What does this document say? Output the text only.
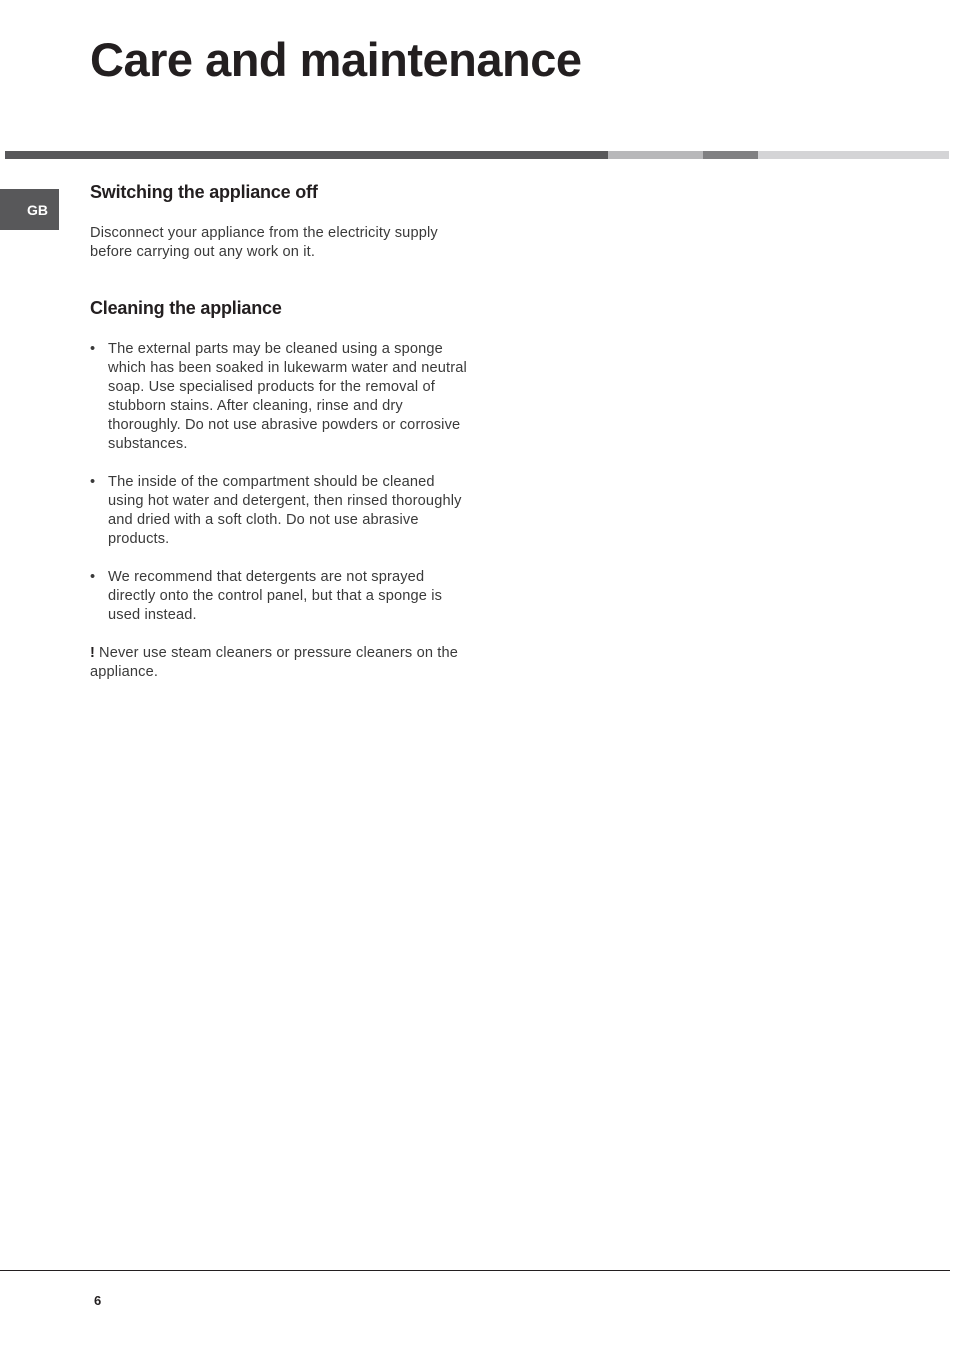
Care and maintenance
GB
Switching the appliance off
Disconnect your appliance from the electricity supply before carrying out any work on it.
Cleaning the appliance
• The external parts may be cleaned using a sponge which has been soaked in lukewarm water and neutral soap. Use specialised products for the removal of stubborn stains. After cleaning, rinse and dry thoroughly. Do not use abrasive powders or corrosive substances.
• The inside of the compartment should be cleaned using hot water and detergent, then rinsed thoroughly and dried with a soft cloth. Do not use abrasive products.
• We recommend that detergents are not sprayed directly onto the control panel, but that a sponge is used instead.
! Never use steam cleaners or pressure cleaners on the appliance.
6
